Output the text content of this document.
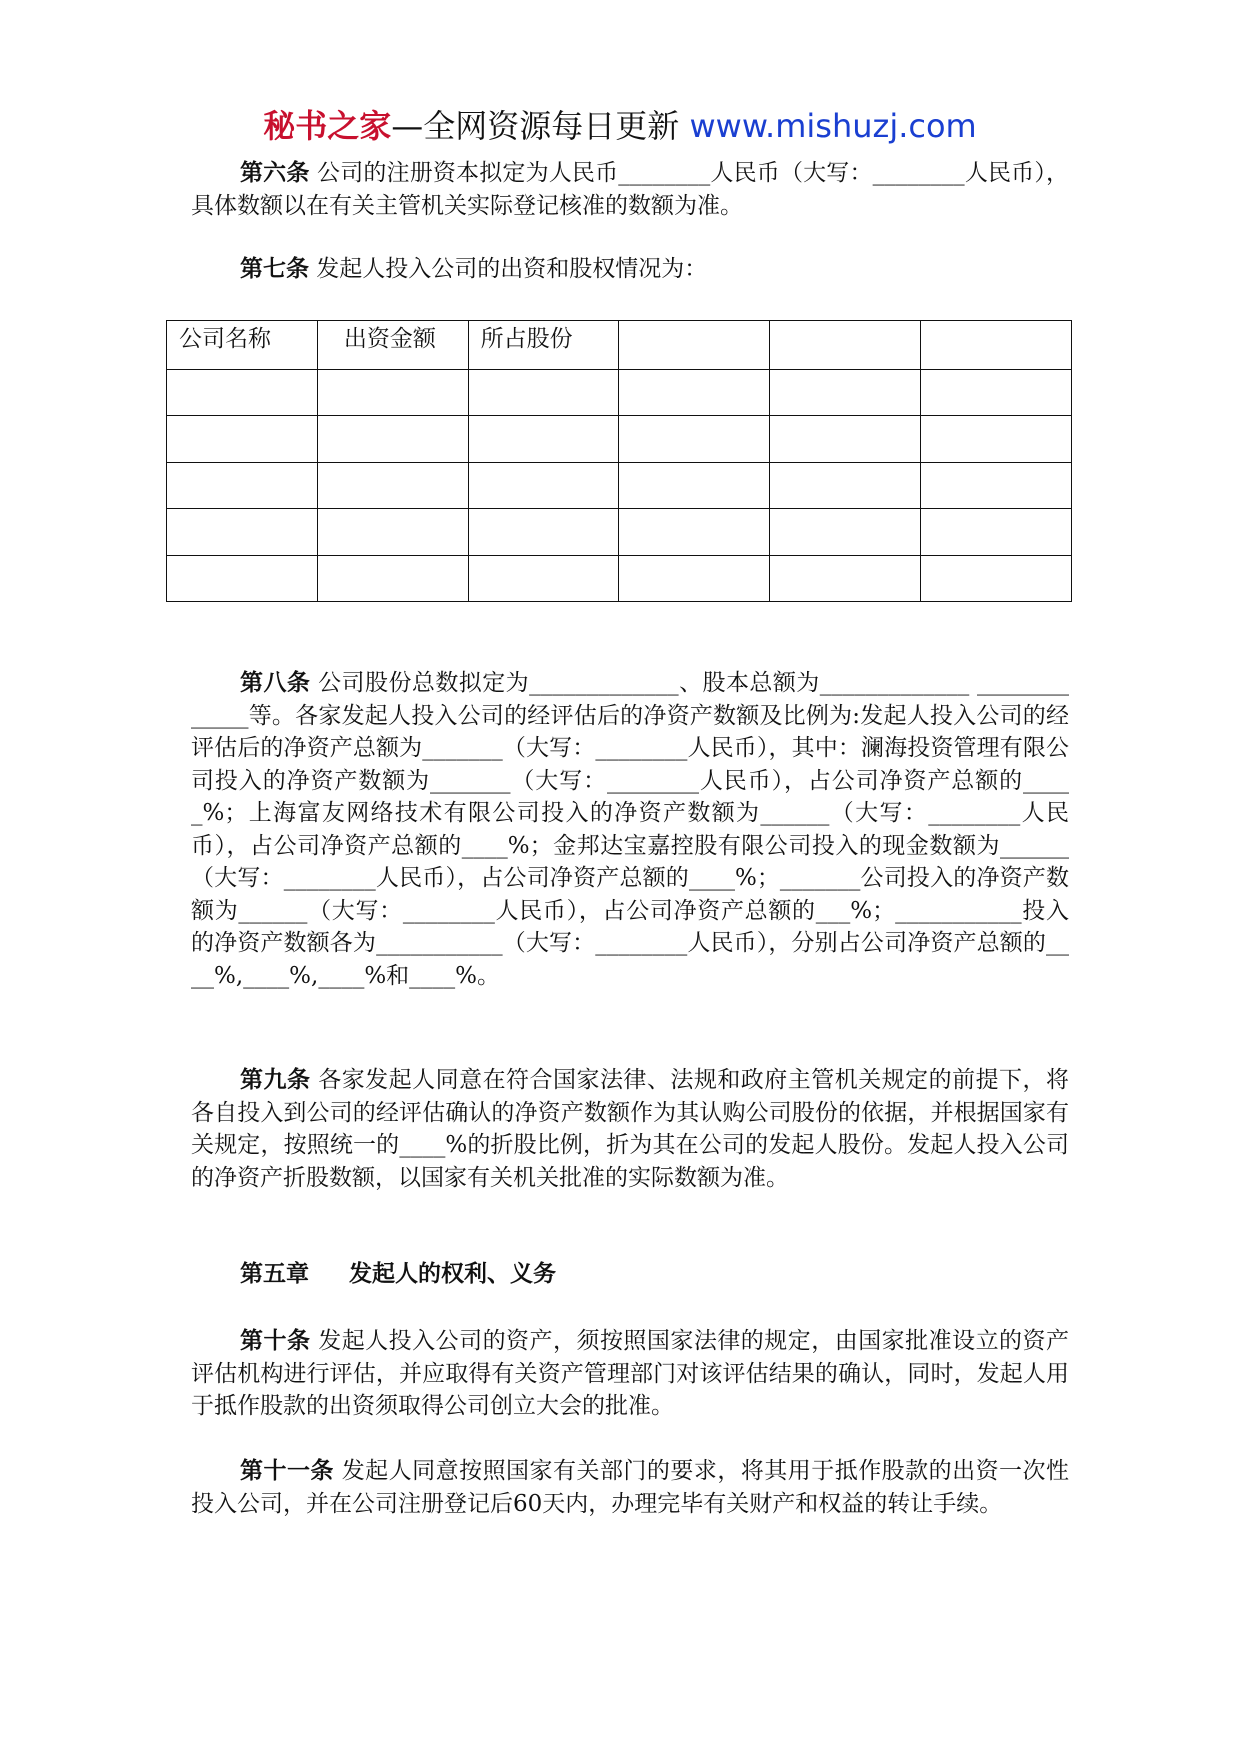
秘书之家—全网资源每日更新 www.mishuzj.com

第六条 公司的注册资本拟定为人民币________人民币（大写：________人民币），具体数额以在有关主管机关实际登记核准的数额为准。

第七条 发起人投入公司的出资和股权情况为：

公司名称	出资金额	所占股份			

第八条 公司股份总数拟定为_____________、股本总额为_____________ _____________等。各家发起人投入公司的经评估后的净资产数额及比例为:发起人投入公司的经评估后的净资产总额为_______（大写：________人民币），其中：澜海投资管理有限公司投入的净资产数额为_______（大写：________人民币），占公司净资产总额的_____%；上海富友网络技术有限公司投入的净资产数额为______（大写：________人民币），占公司净资产总额的____%；金邦达宝嘉控股有限公司投入的现金数额为______（大写：________人民币），占公司净资产总额的____%；_______公司投入的净资产数额为______（大写：________人民币），占公司净资产总额的___%；___________投入的净资产数额各为___________（大写：________人民币），分别占公司净资产总额的____%,____%,____%和____%。

第九条 各家发起人同意在符合国家法律、法规和政府主管机关规定的前提下，将各自投入到公司的经评估确认的净资产数额作为其认购公司股份的依据，并根据国家有关规定，按照统一的____%的折股比例，折为其在公司的发起人股份。发起人投入公司的净资产折股数额，以国家有关机关批准的实际数额为准。

第五章 发起人的权利、义务

第十条 发起人投入公司的资产，须按照国家法律的规定，由国家批准设立的资产评估机构进行评估，并应取得有关资产管理部门对该评估结果的确认，同时，发起人用于抵作股款的出资须取得公司创立大会的批准。

第十一条 发起人同意按照国家有关部门的要求，将其用于抵作股款的出资一次性投入公司，并在公司注册登记后60天内，办理完毕有关财产和权益的转让手续。
